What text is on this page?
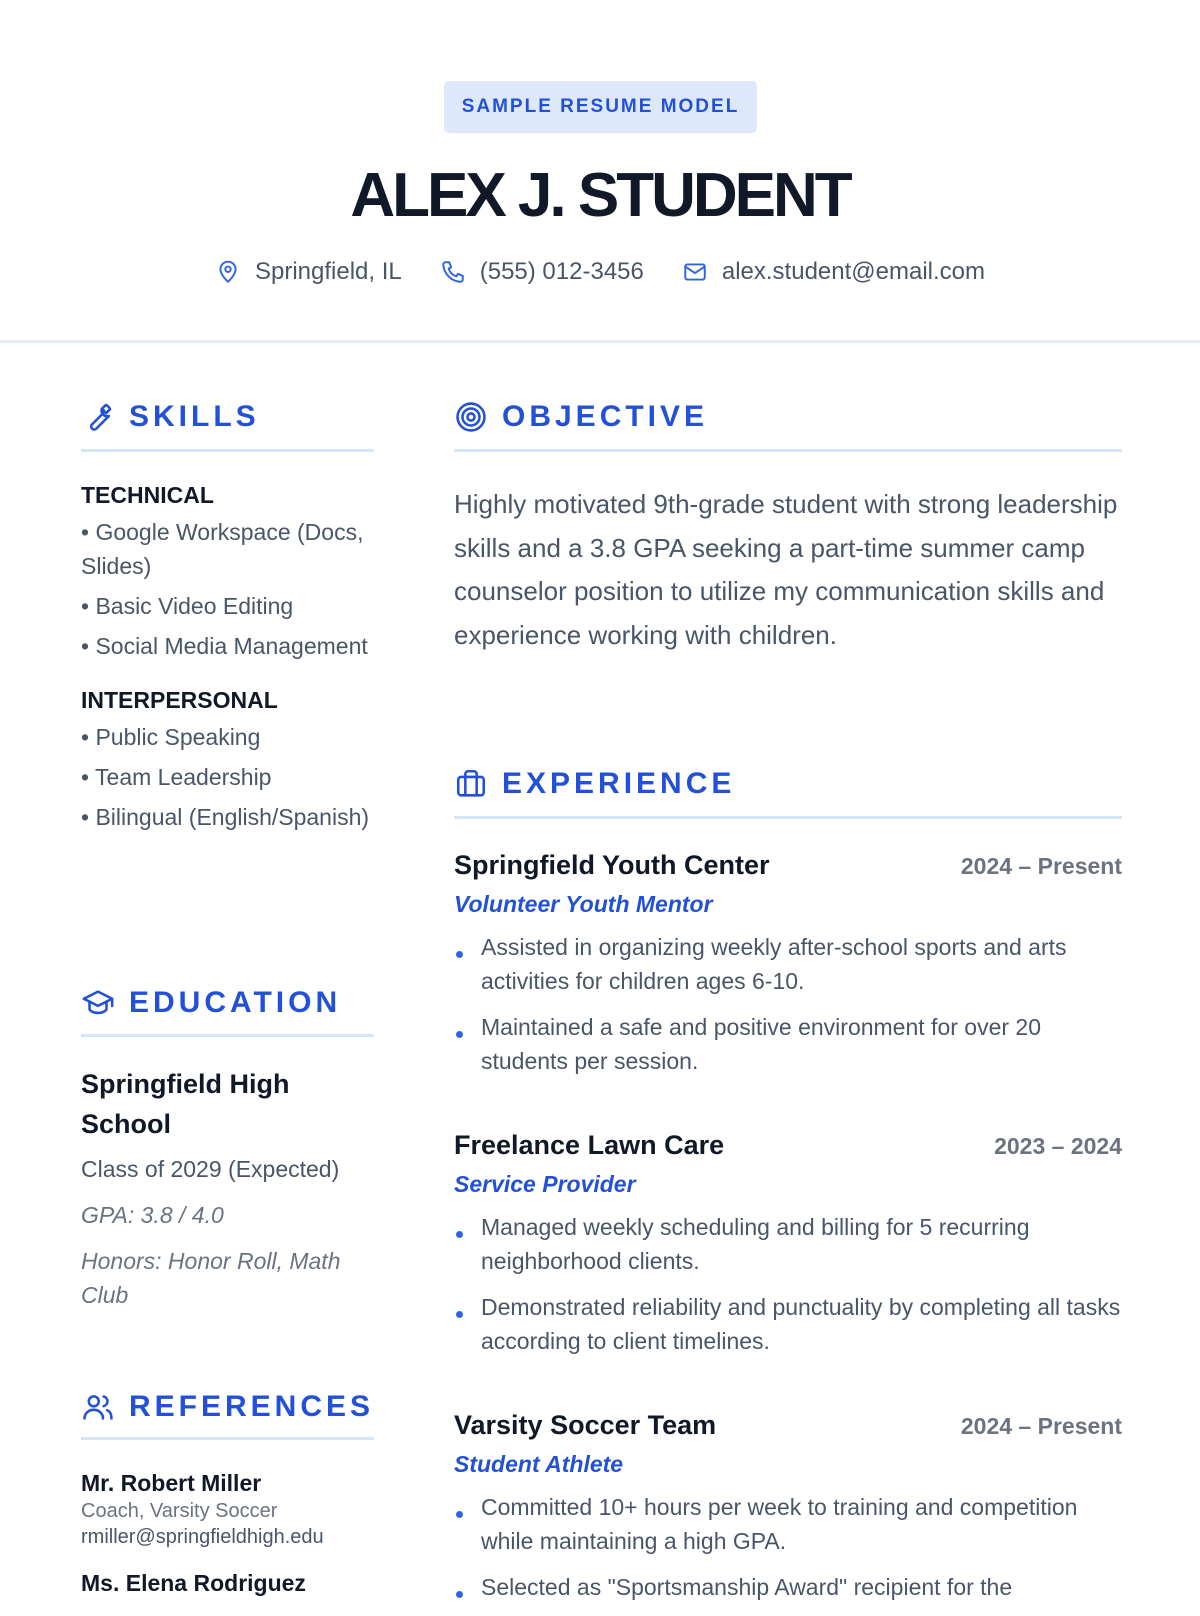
SAMPLE RESUME MODEL
ALEX J. STUDENT
Springfield, IL	(555) 012-3456	alex.student@email.com
SKILLS
TECHNICAL
• Google Workspace (Docs, Slides)
• Basic Video Editing
• Social Media Management
INTERPERSONAL
• Public Speaking
• Team Leadership
• Bilingual (English/Spanish)
EDUCATION
Springfield High School
Class of 2029 (Expected)
GPA: 3.8 / 4.0
Honors: Honor Roll, Math Club
REFERENCES
Mr. Robert Miller
Coach, Varsity Soccer
rmiller@springfieldhigh.edu
Ms. Elena Rodriguez
OBJECTIVE
Highly motivated 9th-grade student with strong leadership skills and a 3.8 GPA seeking a part-time summer camp counselor position to utilize my communication skills and experience working with children.
EXPERIENCE
Springfield Youth Center	2024 – Present
Volunteer Youth Mentor
Assisted in organizing weekly after-school sports and arts activities for children ages 6-10.
Maintained a safe and positive environment for over 20 students per session.
Freelance Lawn Care	2023 – 2024
Service Provider
Managed weekly scheduling and billing for 5 recurring neighborhood clients.
Demonstrated reliability and punctuality by completing all tasks according to client timelines.
Varsity Soccer Team	2024 – Present
Student Athlete
Committed 10+ hours per week to training and competition while maintaining a high GPA.
Selected as "Sportsmanship Award" recipient for the
